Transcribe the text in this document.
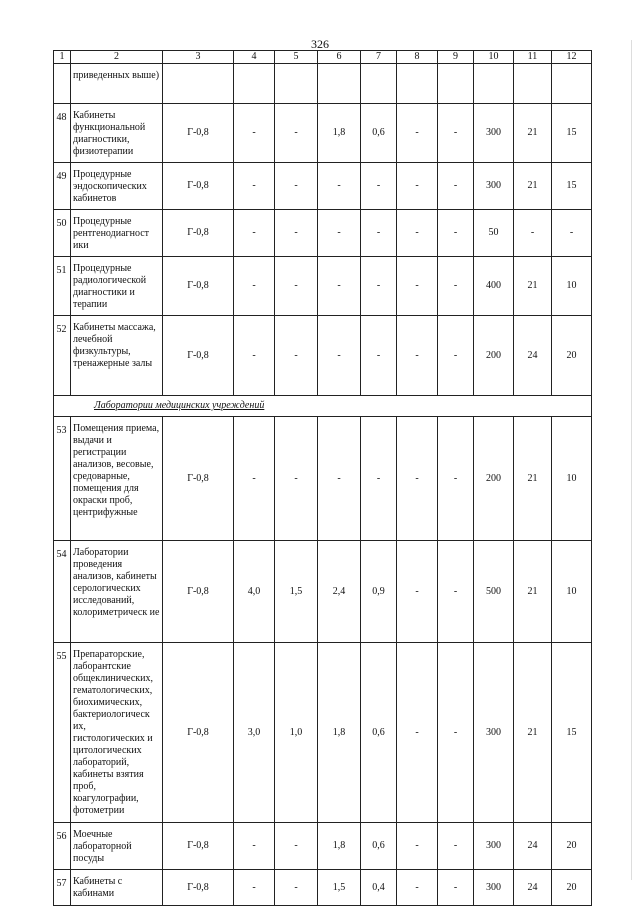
326
1	2	3	4	5	6	7	8	9	10	11	12
	приведенных выше)										
48	Кабинеты функциональной диагностики, физиотерапии	Г-0,8	-	-	1,8	0,6	-	-	300	21	15
49	Процедурные эндоскопических кабинетов	Г-0,8	-	-	-	-	-	-	300	21	15
50	Процедурные рентгенодиагност ики	Г-0,8	-	-	-	-	-	-	50	-	-
51	Процедурные радиологической диагностики и терапии	Г-0,8	-	-	-	-	-	-	400	21	10
52	Кабинеты массажа, лечебной физкультуры, тренажерные залы	Г-0,8	-	-	-	-	-	-	200	24	20
Лаборатории медицинских учреждений											
53	Помещения приема, выдачи и регистрации анализов, весовые, средоварные, помещения для окраски проб, центрифужные	Г-0,8	-	-	-	-	-	-	200	21	10
54	Лаборатории проведения анализов, кабинеты серологических исследований, колориметрическ ие	Г-0,8	4,0	1,5	2,4	0,9	-	-	500	21	10
55	Препараторские, лаборантские общеклинических, гематологических, биохимических, бактериологическ их, гистологических и цитологических лабораторий, кабинеты взятия проб, коагулографии, фотометрии	Г-0,8	3,0	1,0	1,8	0,6	-	-	300	21	15
56	Моечные лабораторной посуды	Г-0,8	-	-	1,8	0,6	-	-	300	24	20
57	Кабинеты с кабинами	Г-0,8	-	-	1,5	0,4	-	-	300	24	20
